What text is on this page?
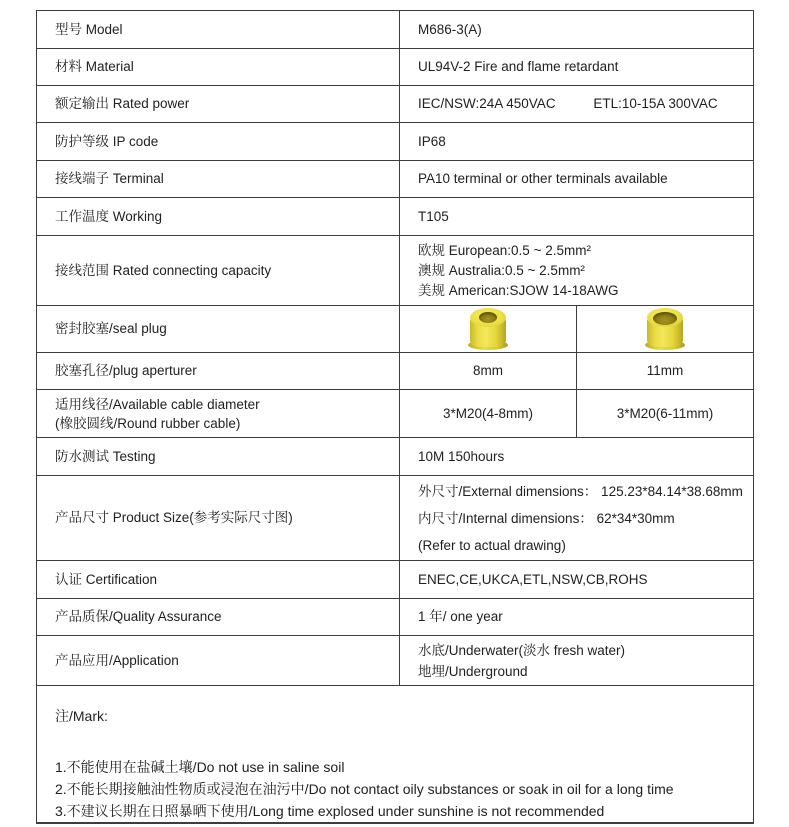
型号 Model	M686-3(A)	
材料 Material	UL94V-2 Fire and flame retardant	
额定输出 Rated power	IEC/NSW:24A 450VAC ETL:10-15A 300VAC	
防护等级 IP code	IP68	
接线端子 Terminal	PA10 terminal or other terminals available	
工作温度 Working	T105	
接线范围 Rated connecting capacity	欧规 European:0.5 ~ 2.5mm²
澳规 Australia:0.5 ~ 2.5mm²
美规 American:SJOW 14-18AWG	

密封胶塞/seal plug	

胶塞孔径/plug aperturer	8mm	11mm

适用线径/Available cable diameter
(橡胶圆线/Round rubber cable)	3*M20(4-8mm)	3*M20(6-11mm)
防水测试 Testing	10M 150hours	
产品尺寸 Product Size(参考实际尺寸图)	外尺寸/External dimensions： 125.23*84.14*38.68mm
内尺寸/Internal dimensions： 62*34*30mm
(Refer to actual drawing)	

认证 Certification	ENEC,CE,UKCA,ETL,NSW,CB,ROHS	
产品质保/Quality Assurance	1 年/ one year	
产品应用/Application	水底/Underwater(淡水 fresh water)
地埋/Underground	

注/Mark:
1.不能使用在盐碱土壤/Do not use in saline soil
2.不能长期接触油性物质或浸泡在油污中/Do not contact oily substances or soak in oil for a long time
3.不建议长期在日照暴晒下使用/Long time explosed under sunshine is not recommended		
